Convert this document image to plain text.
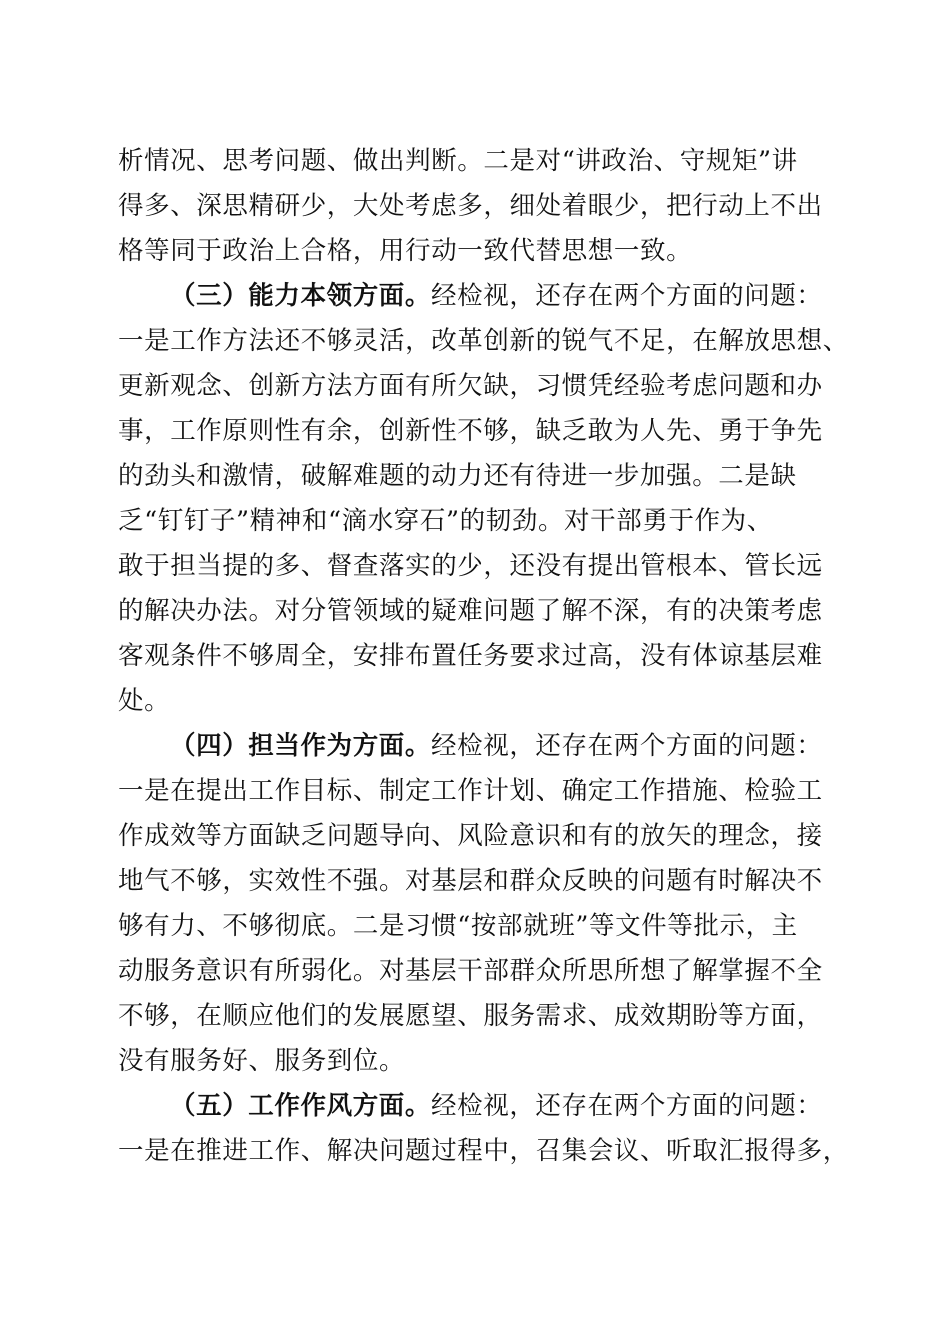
析情况、思考问题、做出判断。二是对“讲政治、守规矩”讲

得多、深思精研少，大处考虑多，细处着眼少，把行动上不出

格等同于政治上合格，用行动一致代替思想一致。

（三）能力本领方面。经检视，还存在两个方面的问题：

一是工作方法还不够灵活，改革创新的锐气不足，在解放思想、

更新观念、创新方法方面有所欠缺，习惯凭经验考虑问题和办

事，工作原则性有余，创新性不够，缺乏敢为人先、勇于争先

的劲头和激情，破解难题的动力还有待进一步加强。二是缺

乏“钉钉子”精神和“滴水穿石”的韧劲。对干部勇于作为、

敢于担当提的多、督查落实的少，还没有提出管根本、管长远

的解决办法。对分管领域的疑难问题了解不深，有的决策考虑

客观条件不够周全，安排布置任务要求过高，没有体谅基层难

处。

（四）担当作为方面。经检视，还存在两个方面的问题：

一是在提出工作目标、制定工作计划、确定工作措施、检验工

作成效等方面缺乏问题导向、风险意识和有的放矢的理念，接

地气不够，实效性不强。对基层和群众反映的问题有时解决不

够有力、不够彻底。二是习惯“按部就班”等文件等批示，主

动服务意识有所弱化。对基层干部群众所思所想了解掌握不全

不够，在顺应他们的发展愿望、服务需求、成效期盼等方面，

没有服务好、服务到位。

（五）工作作风方面。经检视，还存在两个方面的问题：

一是在推进工作、解决问题过程中，召集会议、听取汇报得多，
